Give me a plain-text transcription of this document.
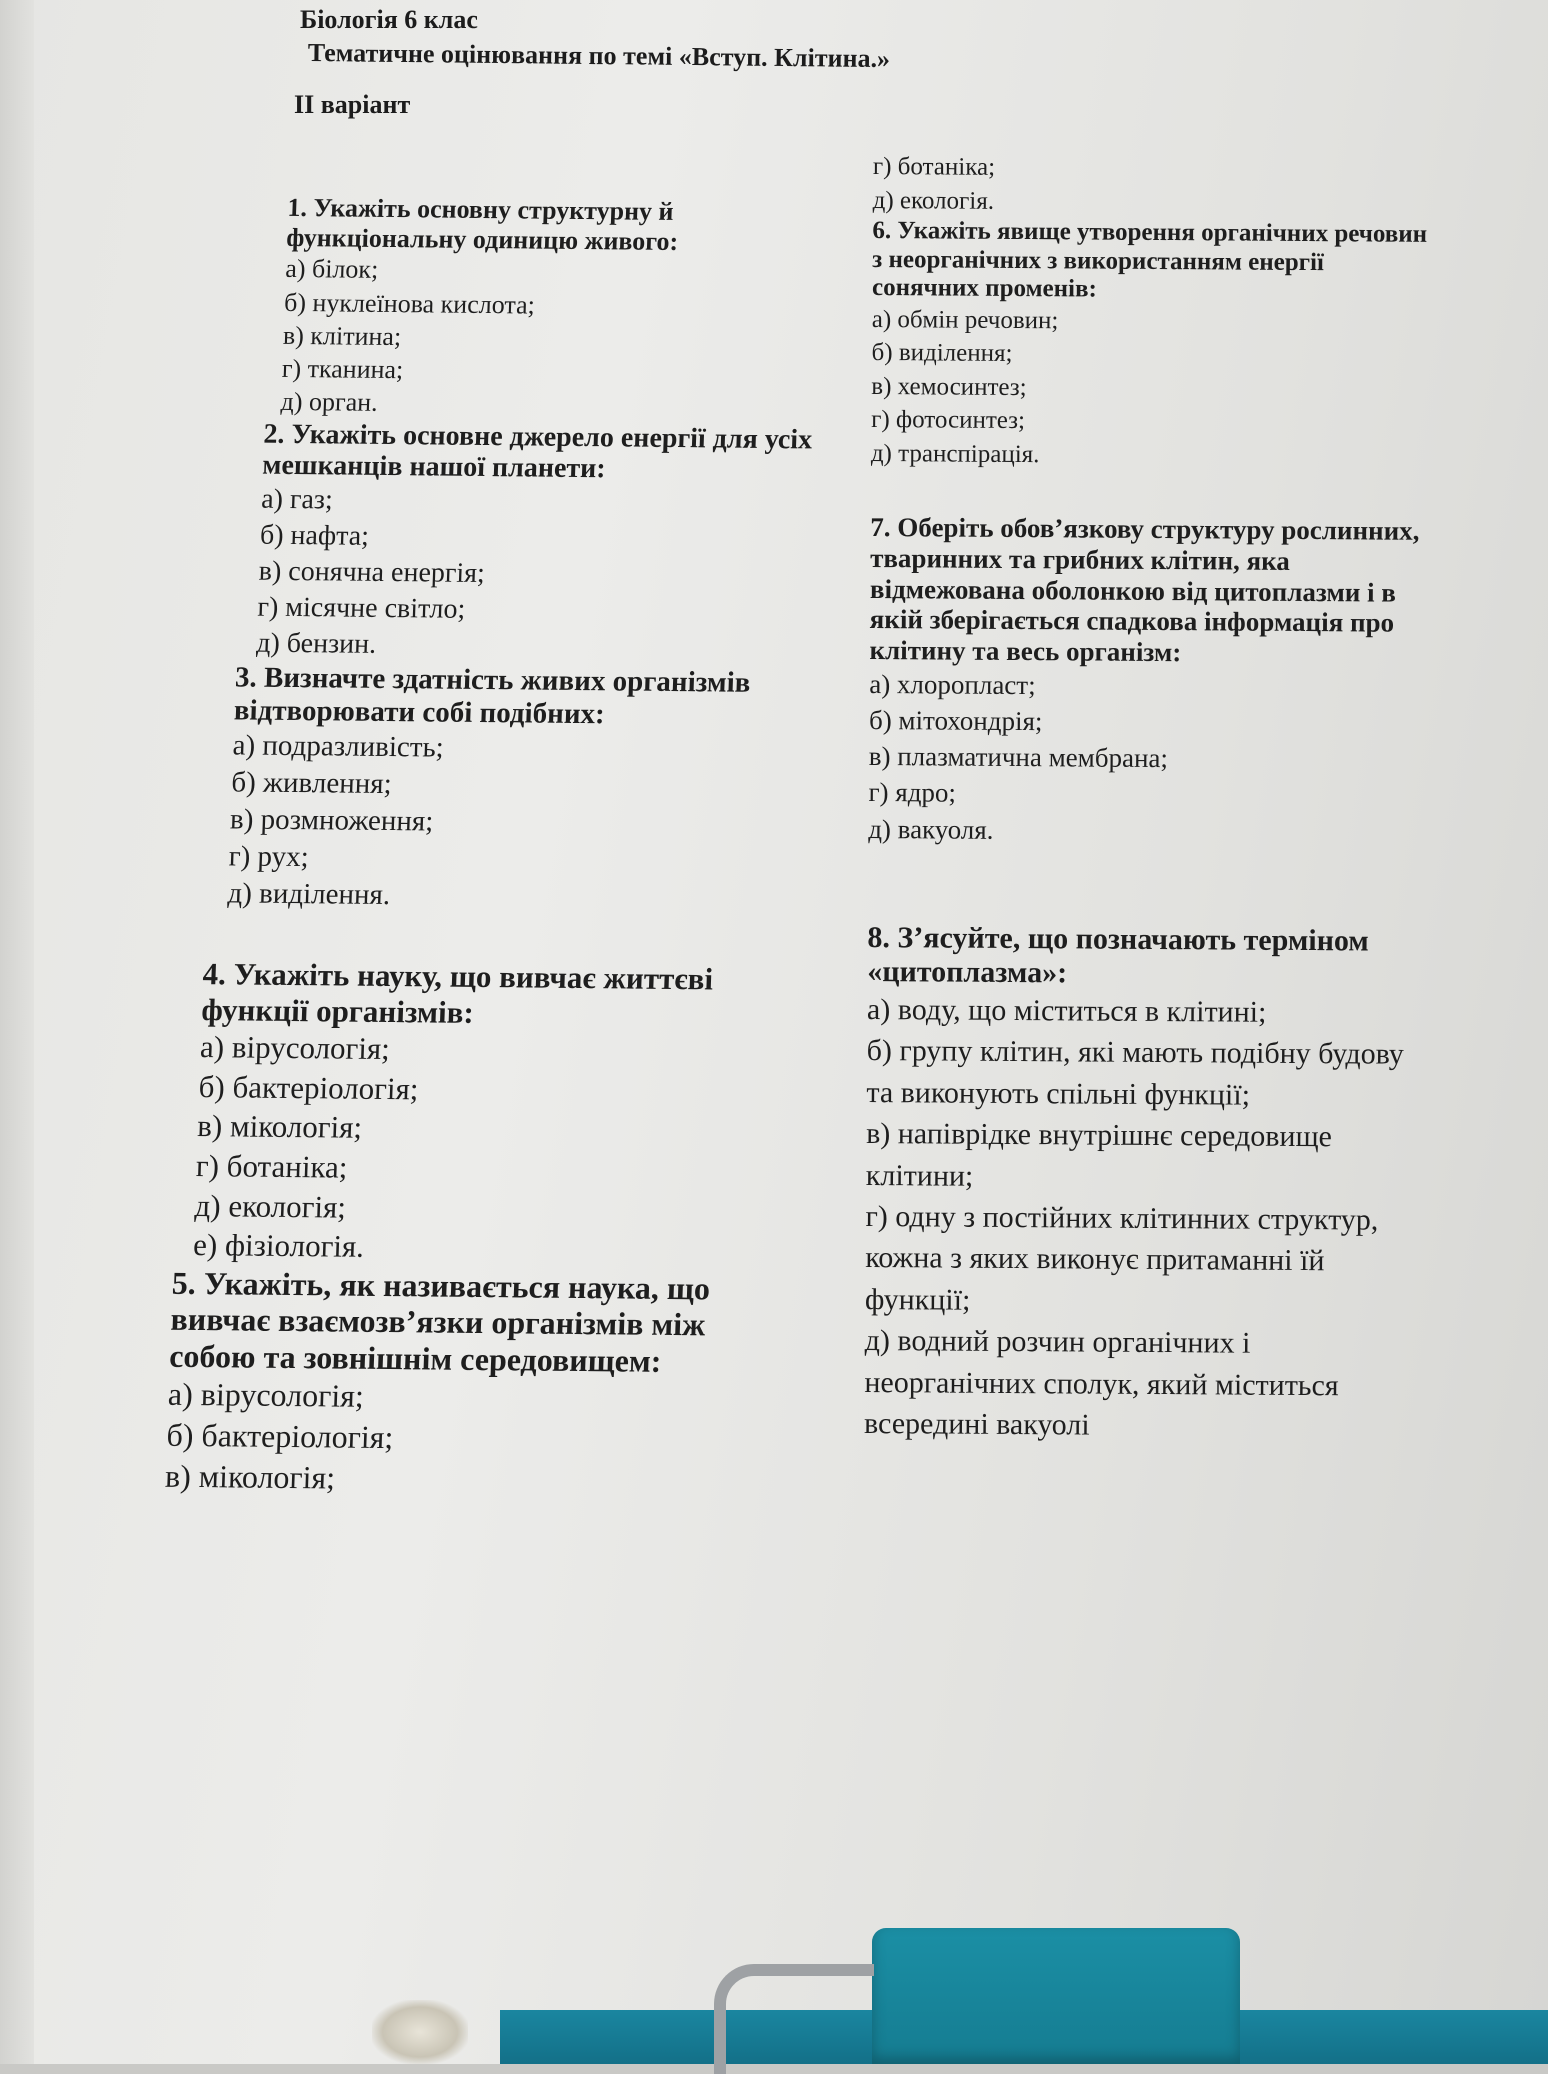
Біологія 6 клас
Тематичне оцінювання по темі «Вступ. Клітина.»
II варіант
1. Укажіть основну структурну й функціональну одиницю живого:
а) білок;
б) нуклеїнова кислота;
в) клітина;
г) тканина;
д) орган.
2. Укажіть основне джерело енергії для усіх мешканців нашої планети:
а) газ;
б) нафта;
в) сонячна енергія;
г) місячне світло;
д) бензин.
3. Визначте здатність живих організмів відтворювати собі подібних:
а) подразливість;
б) живлення;
в) розмноження;
г) рух;
д) виділення.
4. Укажіть науку, що вивчає життєві функції організмів:
а) вірусологія;
б) бактеріологія;
в) мікологія;
г) ботаніка;
д) екологія;
е) фізіологія.
5. Укажіть, як називається наука, що вивчає взаємозв’язки організмів між собою та зовнішнім середовищем:
а) вірусологія;
б) бактеріологія;
в) мікологія;
г) ботаніка;
д) екологія.
6. Укажіть явище утворення органічних речовин з неорганічних з використанням енергії сонячних променів:
а) обмін речовин;
б) виділення;
в) хемосинтез;
г) фотосинтез;
д) транспірація.
7. Оберіть обов’язкову структуру рослинних, тваринних та грибних клітин, яка відмежована оболонкою від цитоплазми і в якій зберігається спадкова інформація про клітину та весь організм:
а) хлоропласт;
б) мітохондрія;
в) плазматична мембрана;
г) ядро;
д) вакуоля.
8. З’ясуйте, що позначають терміном «цитоплазма»:
а) воду, що міститься в клітині;
б) групу клітин, які мають подібну будову та виконують спільні функції;
в) напіврідке внутрішнє середовище клітини;
г) одну з постійних клітинних структур, кожна з яких виконує притаманні їй функції;
д) водний розчин органічних і неорганічних сполук, який міститься всередині вакуолі
